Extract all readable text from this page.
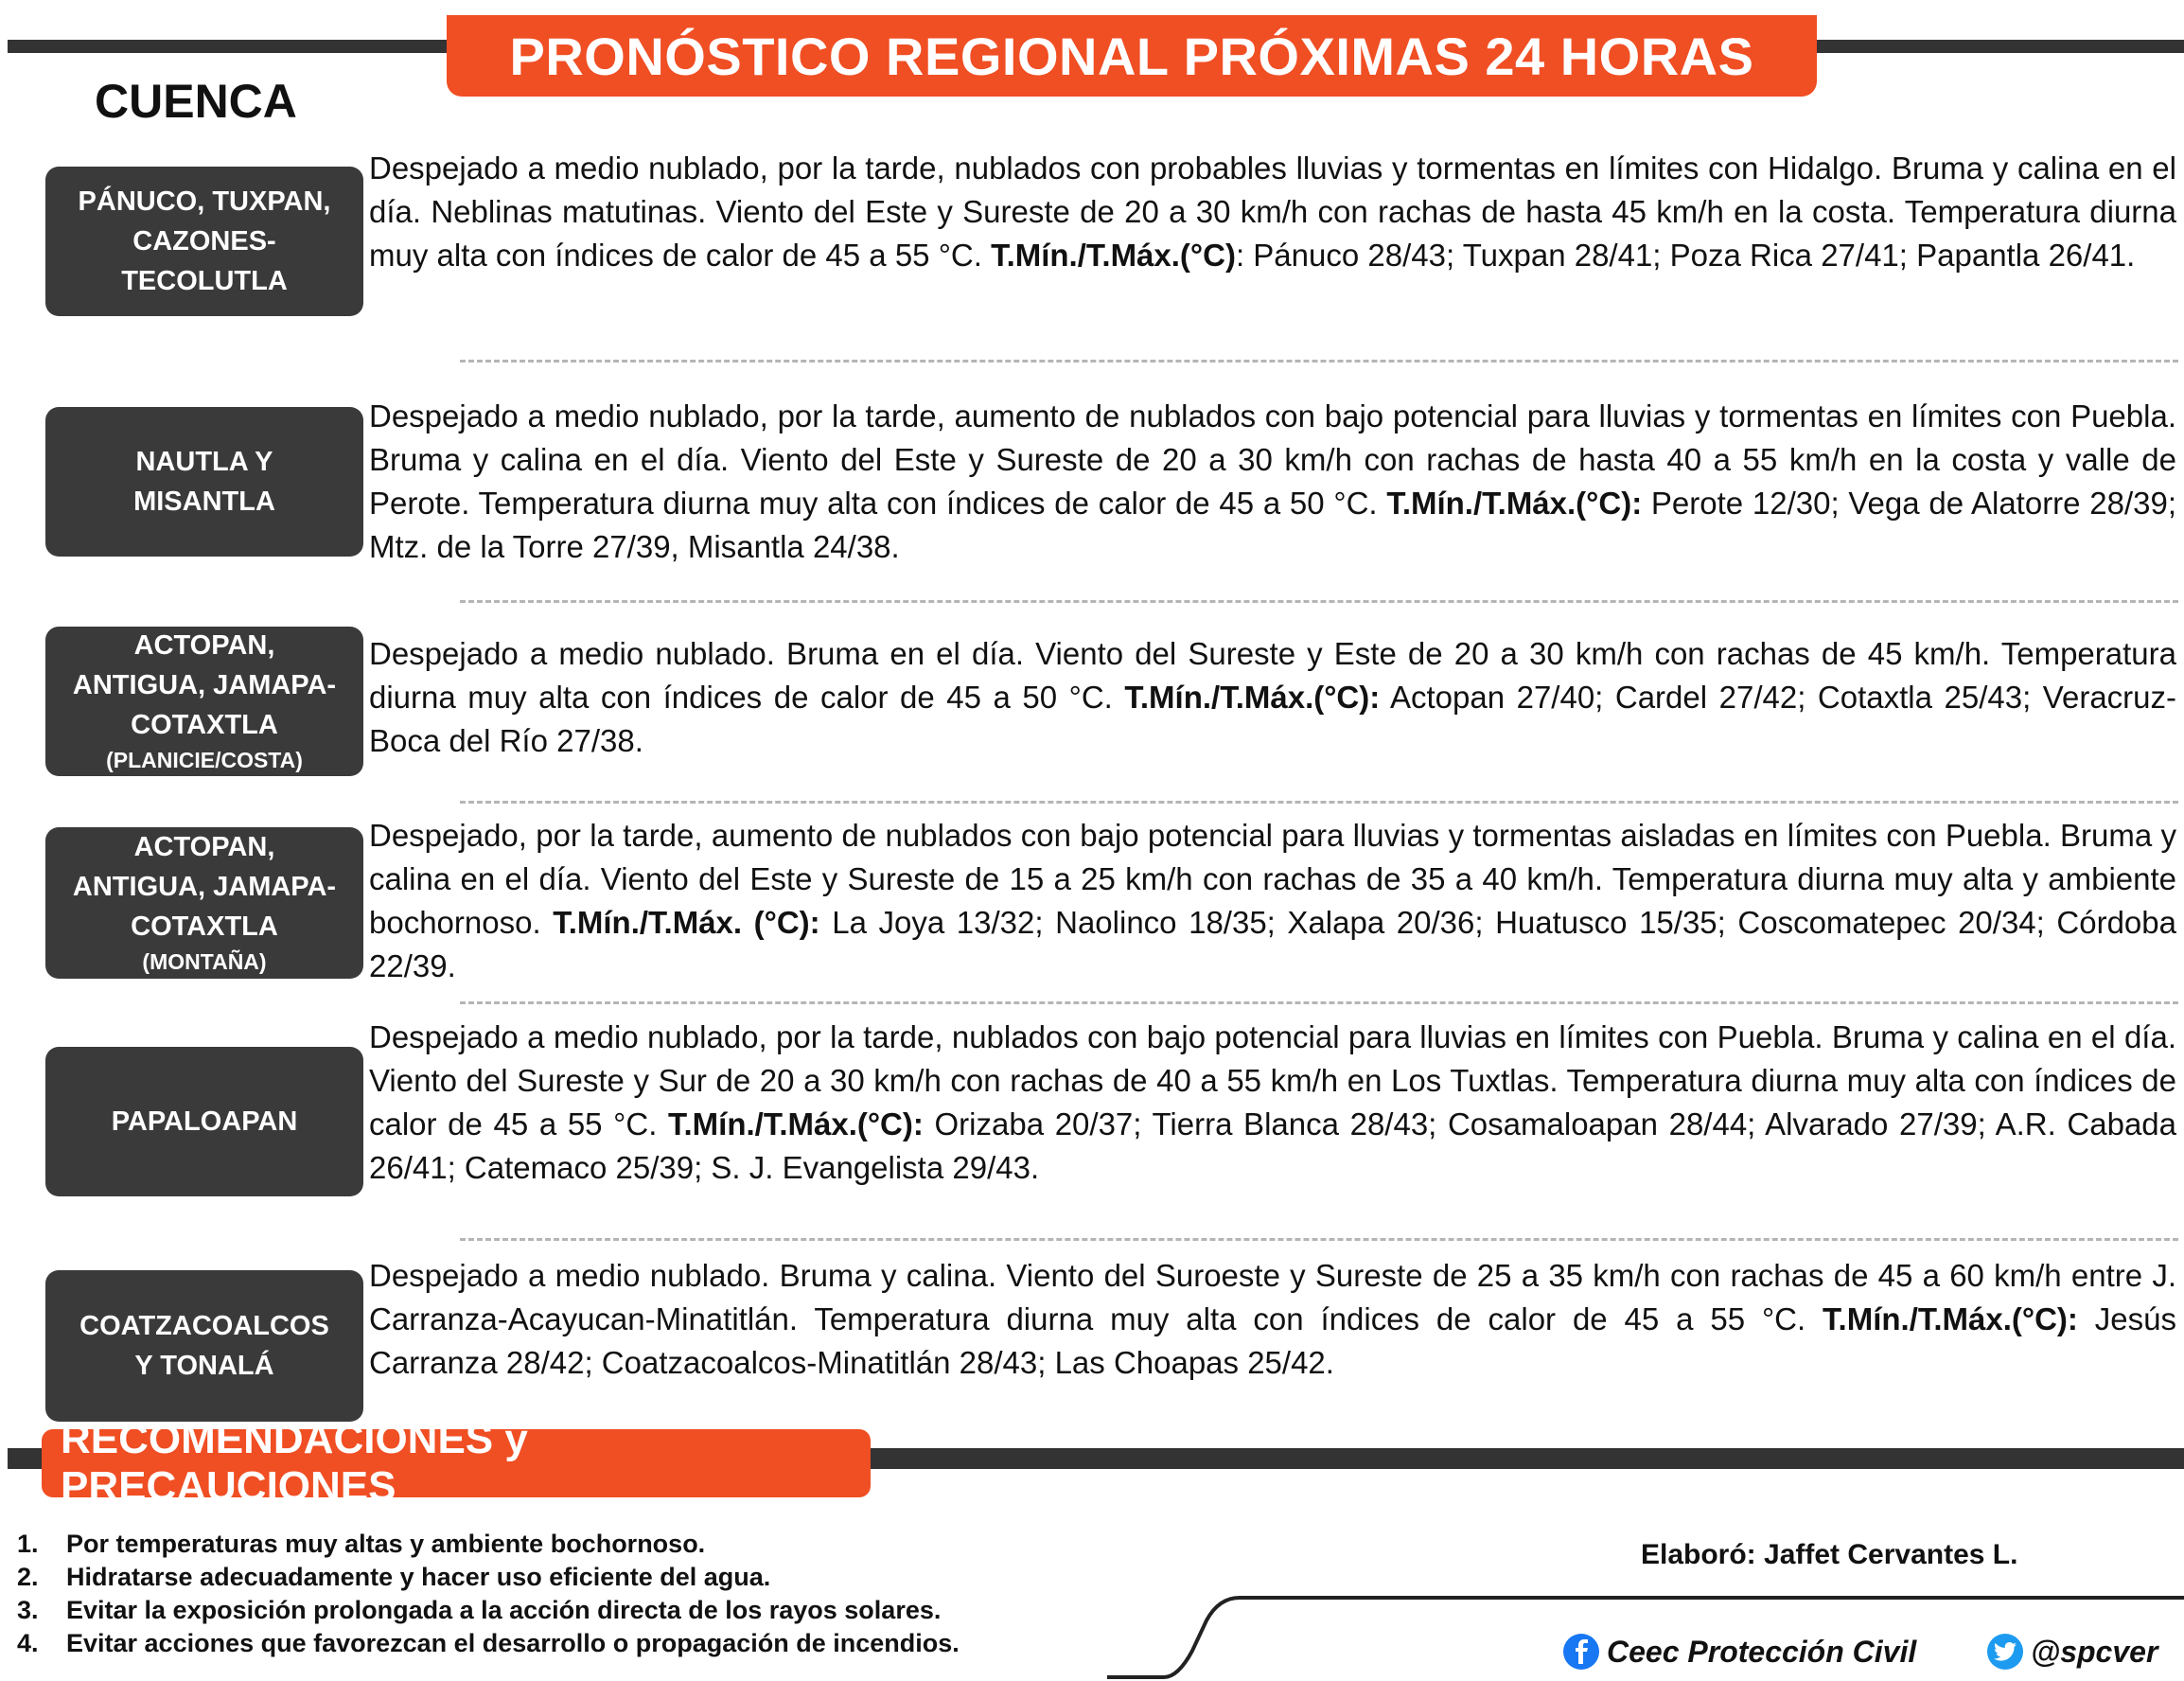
PRONÓSTICO REGIONAL PRÓXIMAS 24 HORAS
CUENCA
PÁNUCO, TUXPAN,
CAZONES-
TECOLUTLA
Despejado a medio nublado, por la tarde, nublados con probables lluvias y tormentas en límites con Hidalgo. Bruma y calina en el día. Neblinas matutinas. Viento del Este y Sureste de 20 a 30 km/h con rachas de hasta 45 km/h en la costa. Temperatura diurna muy alta con índices de calor de 45 a 55 °C. T.Mín./T.Máx.(°C): Pánuco 28/43; Tuxpan 28/41; Poza Rica 27/41; Papantla 26/41.
NAUTLA Y
MISANTLA
Despejado a medio nublado, por la tarde, aumento de nublados con bajo potencial para lluvias y tormentas en límites con Puebla. Bruma y calina en el día. Viento del Este y Sureste de 20 a 30 km/h con rachas de hasta 40 a 55 km/h en la costa y valle de Perote. Temperatura diurna muy alta con índices de calor de 45 a 50 °C. T.Mín./T.Máx.(°C): Perote 12/30; Vega de Alatorre 28/39; Mtz. de la Torre 27/39, Misantla 24/38.
ACTOPAN,
ANTIGUA, JAMAPA-
COTAXTLA
(PLANICIE/COSTA)
Despejado a medio nublado. Bruma en el día. Viento del Sureste y Este de 20 a 30 km/h con rachas de 45 km/h. Temperatura diurna muy alta con índices de calor de 45 a 50 °C. T.Mín./T.Máx.(°C): Actopan 27/40; Cardel 27/42; Cotaxtla 25/43; Veracruz-Boca del Río 27/38.
ACTOPAN,
ANTIGUA, JAMAPA-
COTAXTLA
(MONTAÑA)
Despejado, por la tarde, aumento de nublados con bajo potencial para lluvias y tormentas aisladas en límites con Puebla. Bruma y calina en el día. Viento del Este y Sureste de 15 a 25 km/h con rachas de 35 a 40 km/h. Temperatura diurna muy alta y ambiente bochornoso. T.Mín./T.Máx. (°C): La Joya 13/32; Naolinco 18/35; Xalapa 20/36; Huatusco 15/35; Coscomatepec 20/34; Córdoba 22/39.
PAPALOAPAN
Despejado a medio nublado, por la tarde, nublados con bajo potencial para lluvias en límites con Puebla. Bruma y calina en el día. Viento del Sureste y Sur de 20 a 30 km/h con rachas de 40 a 55 km/h en Los Tuxtlas. Temperatura diurna muy alta con índices de calor de 45 a 55 °C. T.Mín./T.Máx.(°C): Orizaba 20/37; Tierra Blanca 28/43; Cosamaloapan 28/44; Alvarado 27/39; A.R. Cabada 26/41; Catemaco 25/39; S. J. Evangelista 29/43.
COATZACOALCOS
Y TONALÁ
Despejado a medio nublado. Bruma y calina. Viento del Suroeste y Sureste de 25 a 35 km/h con rachas de 45 a 60 km/h entre J. Carranza-Acayucan-Minatitlán. Temperatura diurna muy alta con índices de calor de 45 a 55 °C. T.Mín./T.Máx.(°C): Jesús Carranza 28/42; Coatzacoalcos-Minatitlán 28/43; Las Choapas 25/42.
RECOMENDACIONES y PRECAUCIONES
1.	Por temperaturas muy altas y ambiente bochornoso.
2.	Hidratarse adecuadamente y hacer uso eficiente del agua.
3.	Evitar la exposición prolongada a la acción directa de los rayos solares.
4.	Evitar acciones que favorezcan el desarrollo o propagación de incendios.
Elaboró: Jaffet Cervantes L.
Ceec Protección Civil	@spcver
